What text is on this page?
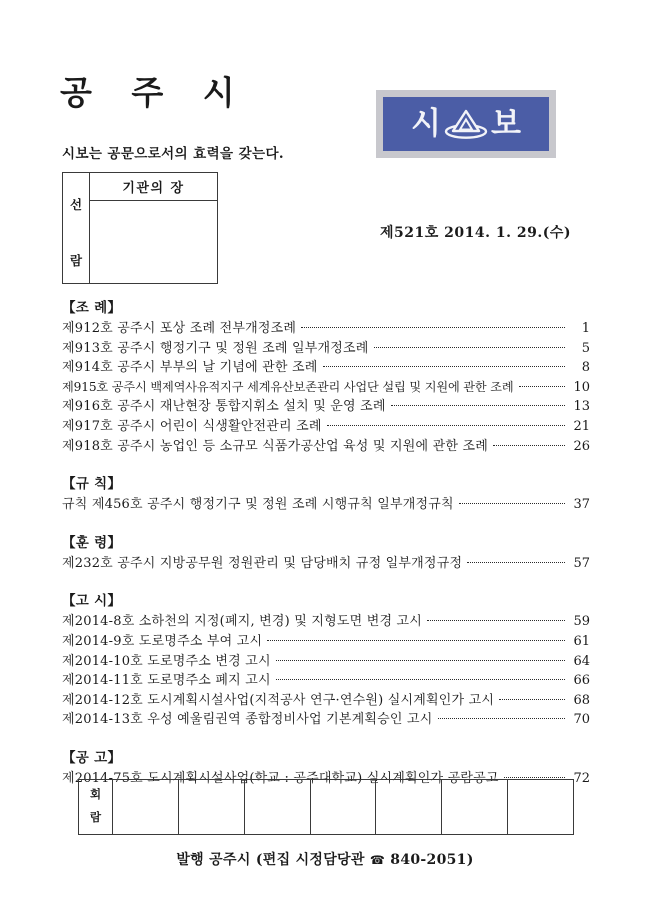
공 주 시
시보는 공문으로서의 효력을 갖는다.
선
람
기관의 장
시 보
제521호 2014. 1. 29.(수)
【조 례】
제912호 공주시 포상 조례 전부개정조례	1
제913호 공주시 행정기구 및 정원 조례 일부개정조례	5
제914호 공주시 부부의 날 기념에 관한 조례	8
제915호 공주시 백제역사유적지구 세계유산보존관리 사업단 설립 및 지원에 관한 조례	10
제916호 공주시 재난현장 통합지휘소 설치 및 운영 조례	13
제917호 공주시 어린이 식생활안전관리 조례	21
제918호 공주시 농업인 등 소규모 식품가공산업 육성 및 지원에 관한 조례	26
【규 칙】
규칙 제456호 공주시 행정기구 및 정원 조례 시행규칙 일부개정규칙	37
【훈 령】
제232호 공주시 지방공무원 정원관리 및 담당배치 규정 일부개정규정	57
【고 시】
제2014-8호 소하천의 지정(폐지, 변경) 및 지형도면 변경 고시	59
제2014-9호 도로명주소 부여 고시	61
제2014-10호 도로명주소 변경 고시	64
제2014-11호 도로명주소 폐지 고시	66
제2014-12호 도시계획시설사업(지적공사 연구·연수원) 실시계획인가 고시	68
제2014-13호 우성 예울림권역 종합정비사업 기본계획승인 고시	70
【공 고】
제2014-75호 도시계획시설사업(학교 : 공주대학교) 실시계획인가 공람공고	72
회
람
발행 공주시 (편집 시정담당관 ☎ 840-2051)
